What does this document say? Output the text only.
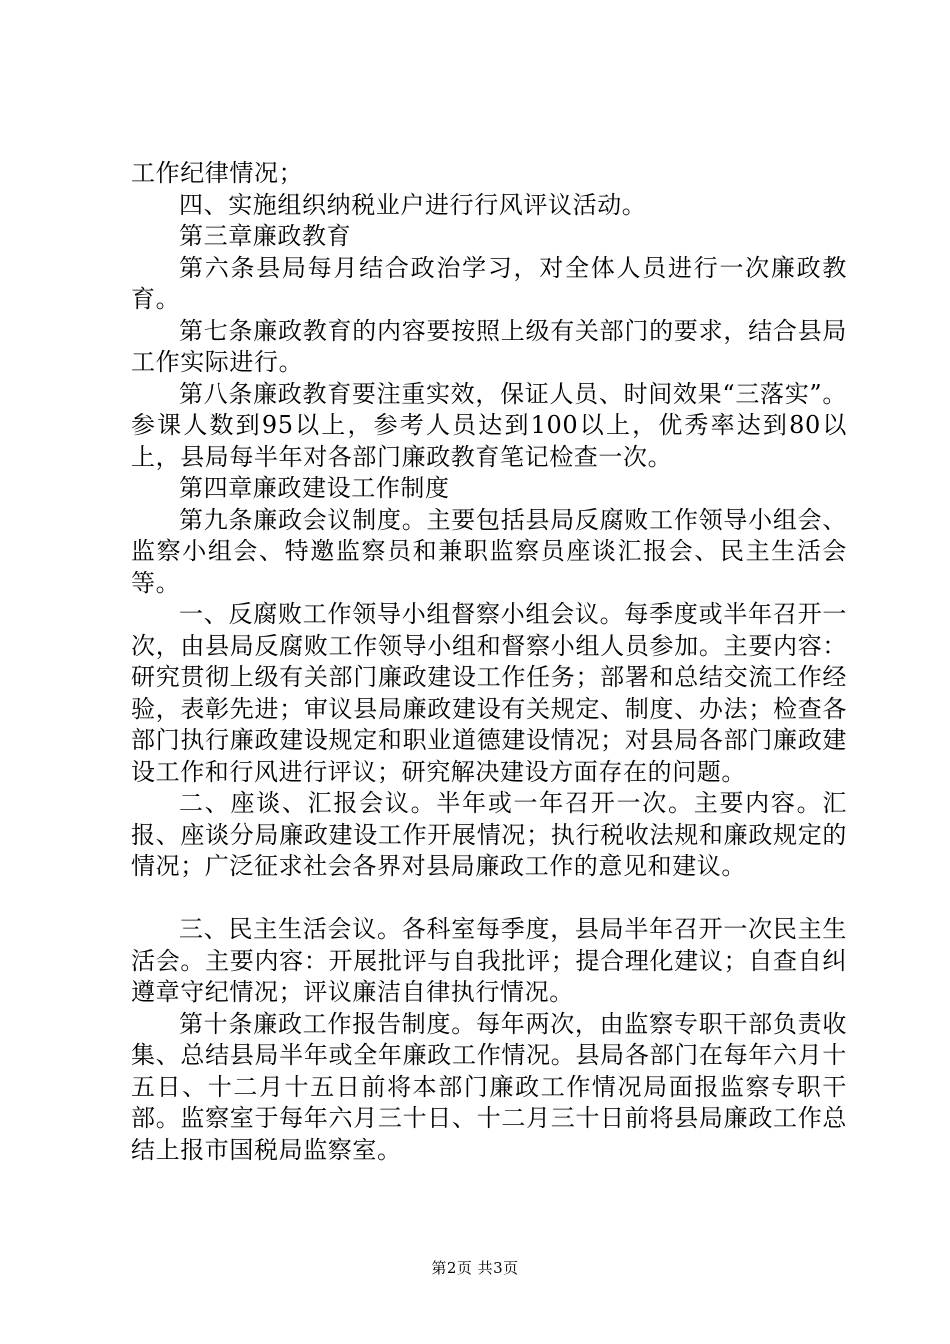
工作纪律情况；

四、实施组织纳税业户进行行风评议活动。

第三章廉政教育

第六条县局每月结合政治学习，对全体人员进行一次廉政教育。

第七条廉政教育的内容要按照上级有关部门的要求，结合县局工作实际进行。

第八条廉政教育要注重实效，保证人员、时间效果“三落实”。参课人数到95以上，参考人员达到100以上，优秀率达到80以上，县局每半年对各部门廉政教育笔记检查一次。

第四章廉政建设工作制度

第九条廉政会议制度。主要包括县局反腐败工作领导小组会、监察小组会、特邀监察员和兼职监察员座谈汇报会、民主生活会等。

一、反腐败工作领导小组督察小组会议。每季度或半年召开一次，由县局反腐败工作领导小组和督察小组人员参加。主要内容：研究贯彻上级有关部门廉政建设工作任务；部署和总结交流工作经验，表彰先进；审议县局廉政建设有关规定、制度、办法；检查各部门执行廉政建设规定和职业道德建设情况；对县局各部门廉政建设工作和行风进行评议；研究解决建设方面存在的问题。

二、座谈、汇报会议。半年或一年召开一次。主要内容。汇报、座谈分局廉政建设工作开展情况；执行税收法规和廉政规定的情况；广泛征求社会各界对县局廉政工作的意见和建议。

三、民主生活会议。各科室每季度，县局半年召开一次民主生活会。主要内容：开展批评与自我批评；提合理化建议；自查自纠遵章守纪情况；评议廉洁自律执行情况。

第十条廉政工作报告制度。每年两次，由监察专职干部负责收集、总结县局半年或全年廉政工作情况。县局各部门在每年六月十五日、十二月十五日前将本部门廉政工作情况局面报监察专职干部。监察室于每年六月三十日、十二月三十日前将县局廉政工作总结上报市国税局监察室。

第2页 共3页
